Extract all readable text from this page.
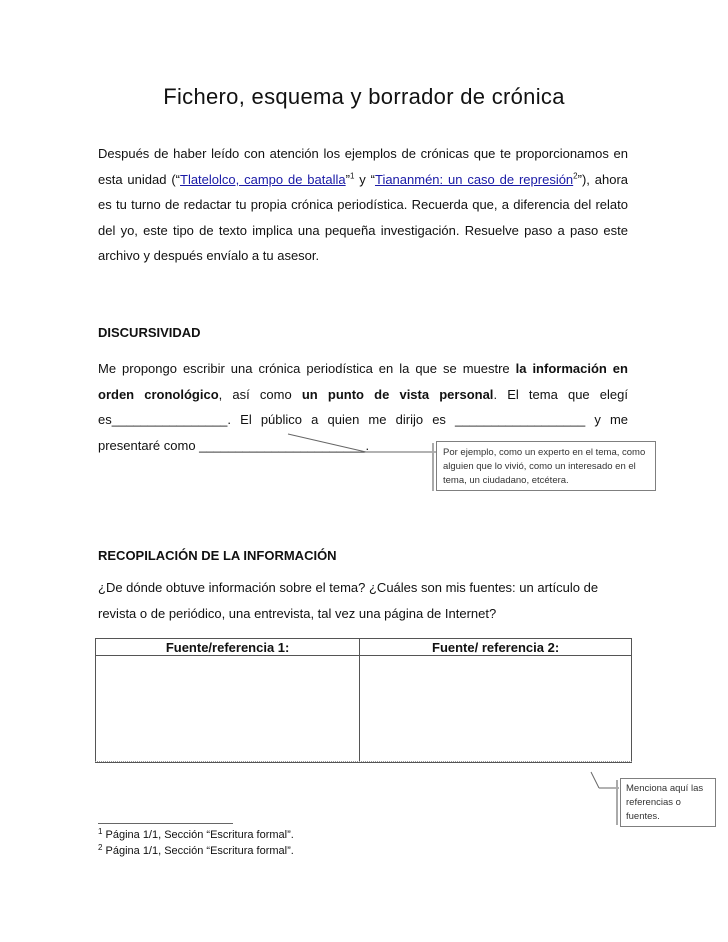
Fichero, esquema y borrador de crónica
Después de haber leído con atención los ejemplos de crónicas que te proporcionamos en esta unidad (“Tlatelolco, campo de batalla”$^1$ y “Tiananmén: un caso de represión$^2$”), ahora es tu turno de redactar tu propia crónica periodística. Recuerda que, a diferencia del relato del yo, este tipo de texto implica una pequeña investigación. Resuelve paso a paso este archivo y después envíalo a tu asesor.
DISCURSIVIDAD
Me propongo escribir una crónica periodística en la que se muestre la información en orden cronológico, así como un punto de vista personal. El tema que elegí es________________. El público a quien me dirijo es __________________ y me presentaré como _______________________.	Por ejemplo, como un experto en el tema, como alguien que lo vivió, como un interesado en el tema, un ciudadano, etcétera.
RECOPILACIÓN DE LA INFORMACIÓN
¿De dónde obtuve información sobre el tema? ¿Cuáles son mis fuentes: un artículo de revista o de periódico, una entrevista, tal vez una página de Internet?
Fuente/referencia 1:	Fuente/ referencia 2:

Menciona aquí las referencias o fuentes.
$^1$ Página 1/1, Sección “Escritura formal”.
$^2$ Página 1/1, Sección “Escritura formal”.
